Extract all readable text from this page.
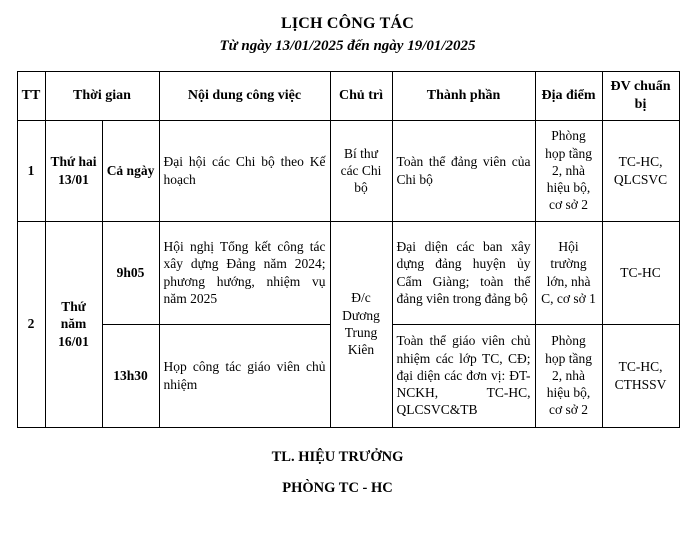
LỊCH CÔNG TÁC
Từ ngày 13/01/2025 đến ngày 19/01/2025
TT	Thời gian		Nội dung công việc	Chủ trì	Thành phần	Địa điểm	ĐV chuẩn bị
1	Thứ hai 13/01	Cả ngày	Đại hội các Chi bộ theo Kế hoạch	Bí thư các Chi bộ	Toàn thể đảng viên của Chi bộ	Phòng họp tầng 2, nhà hiệu bộ, cơ sở 2	TC-HC, QLCSVC
2	Thứ năm 16/01	9h05	Hội nghị Tổng kết công tác xây dựng Đảng năm 2024; phương hướng, nhiệm vụ năm 2025	Đ/c Dương Trung Kiên	Đại diện các ban xây dựng đảng huyện ủy Cẩm Giàng; toàn thể đảng viên trong đảng bộ	Hội trường lớn, nhà C, cơ sở 1	TC-HC
		13h30	Họp công tác giáo viên chủ nhiệm		Toàn thể giáo viên chủ nhiệm các lớp TC, CĐ; đại diện các đơn vị: ĐT-NCKH, TC-HC, QLCSVC&TB	Phòng họp tầng 2, nhà hiệu bộ, cơ sở 2	TC-HC, CTHSSV
TL. HIỆU TRƯỞNG
PHÒNG TC - HC
